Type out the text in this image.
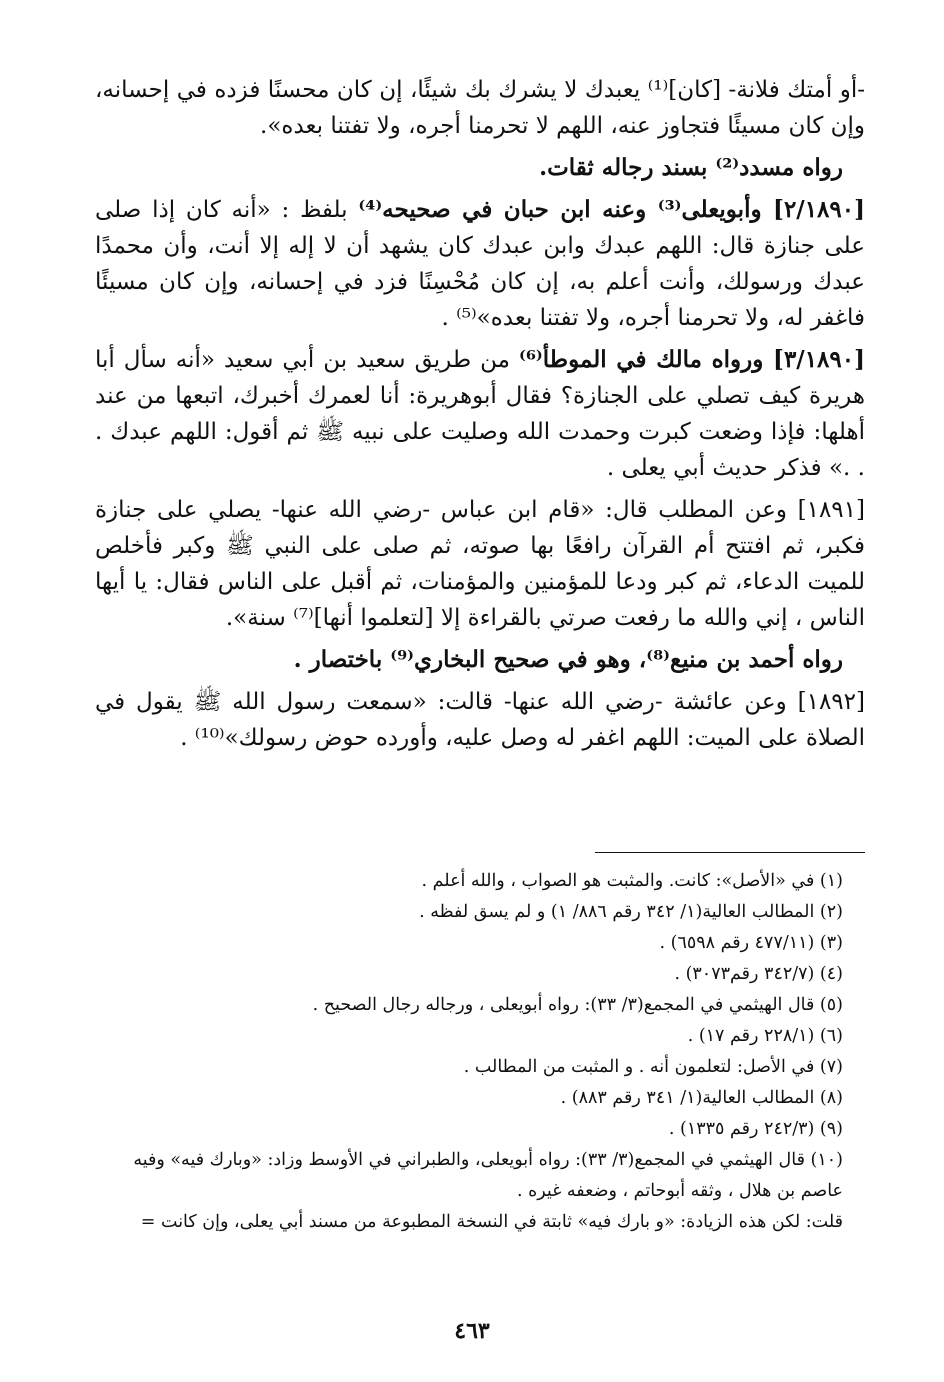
-أو أمتك فلانة- [كان]⁽¹⁾ يعبدك لا يشرك بك شيئًا، إن كان محسنًا فزده في إحسانه، وإن كان مسيئًا فتجاوز عنه، اللهم لا تحرمنا أجره، ولا تفتنا بعده».

رواه مسدد⁽²⁾ بسند رجاله ثقات.

[٢/١٨٩٠] وأبويعلى⁽³⁾ وعنه ابن حبان في صحيحه⁽⁴⁾ بلفظ : «أنه كان إذا صلى على جنازة قال: اللهم عبدك وابن عبدك كان يشهد أن لا إله إلا أنت، وأن محمدًا عبدك ورسولك، وأنت أعلم به، إن كان مُحْسِنًا فزد في إحسانه، وإن كان مسيئًا فاغفر له، ولا تحرمنا أجره، ولا تفتنا بعده»⁽⁵⁾ .

[٣/١٨٩٠] ورواه مالك في الموطأ⁽⁶⁾ من طريق سعيد بن أبي سعيد «أنه سأل أبا هريرة كيف تصلي على الجنازة؟ فقال أبوهريرة: أنا لعمرك أخبرك، اتبعها من عند أهلها: فإذا وضعت كبرت وحمدت الله وصليت على نبيه ﷺ ثم أقول: اللهم عبدك . . .» فذكر حديث أبي يعلى .

[١٨٩١] وعن المطلب قال: «قام ابن عباس -رضي الله عنها- يصلي على جنازة فكبر، ثم افتتح أم القرآن رافعًا بها صوته، ثم صلى على النبي ﷺ وكبر فأخلص للميت الدعاء، ثم كبر ودعا للمؤمنين والمؤمنات، ثم أقبل على الناس فقال: يا أيها الناس ، إني والله ما رفعت صرتي بالقراءة إلا [لتعلموا أنها]⁽⁷⁾ سنة».

رواه أحمد بن منيع⁽⁸⁾، وهو في صحيح البخاري⁽⁹⁾ باختصار .

[١٨٩٢] وعن عائشة -رضي الله عنها- قالت: «سمعت رسول الله ﷺ يقول في الصلاة على الميت: اللهم اغفر له وصل عليه، وأورده حوض رسولك»⁽¹⁰⁾ .

(١) في «الأصل»: كانت. والمثبت هو الصواب ، والله أعلم .

(٢) المطالب العالية(١/ ٣٤٢ رقم ٨٨٦/ ١) و لم يسق لفظه .

(٣) (٤٧٧/١١ رقم ٦٥٩٨) .

(٤) (٣٤٢/٧ رقم٣٠٧٣) .

(٥) قال الهيثمي في المجمع(٣/ ٣٣): رواه أبويعلى ، ورجاله رجال الصحيح .

(٦) (٢٢٨/١ رقم ١٧) .

(٧) في الأصل: لتعلمون أنه . و المثبت من المطالب .

(٨) المطالب العالية(١/ ٣٤١ رقم ٨٨٣) .

(٩) (٢٤٢/٣ رقم ١٣٣٥) .

(١٠) قال الهيثمي في المجمع(٣/ ٣٣): رواه أبويعلى، والطبراني في الأوسط وزاد: «وبارك فيه» وفيه

عاصم بن هلال ، وثقه أبوحاتم ، وضعفه غيره .

قلت: لكن هذه الزيادة: «و بارك فيه» ثابتة في النسخة المطبوعة من مسند أبي يعلى، وإن كانت =

٤٦٣
